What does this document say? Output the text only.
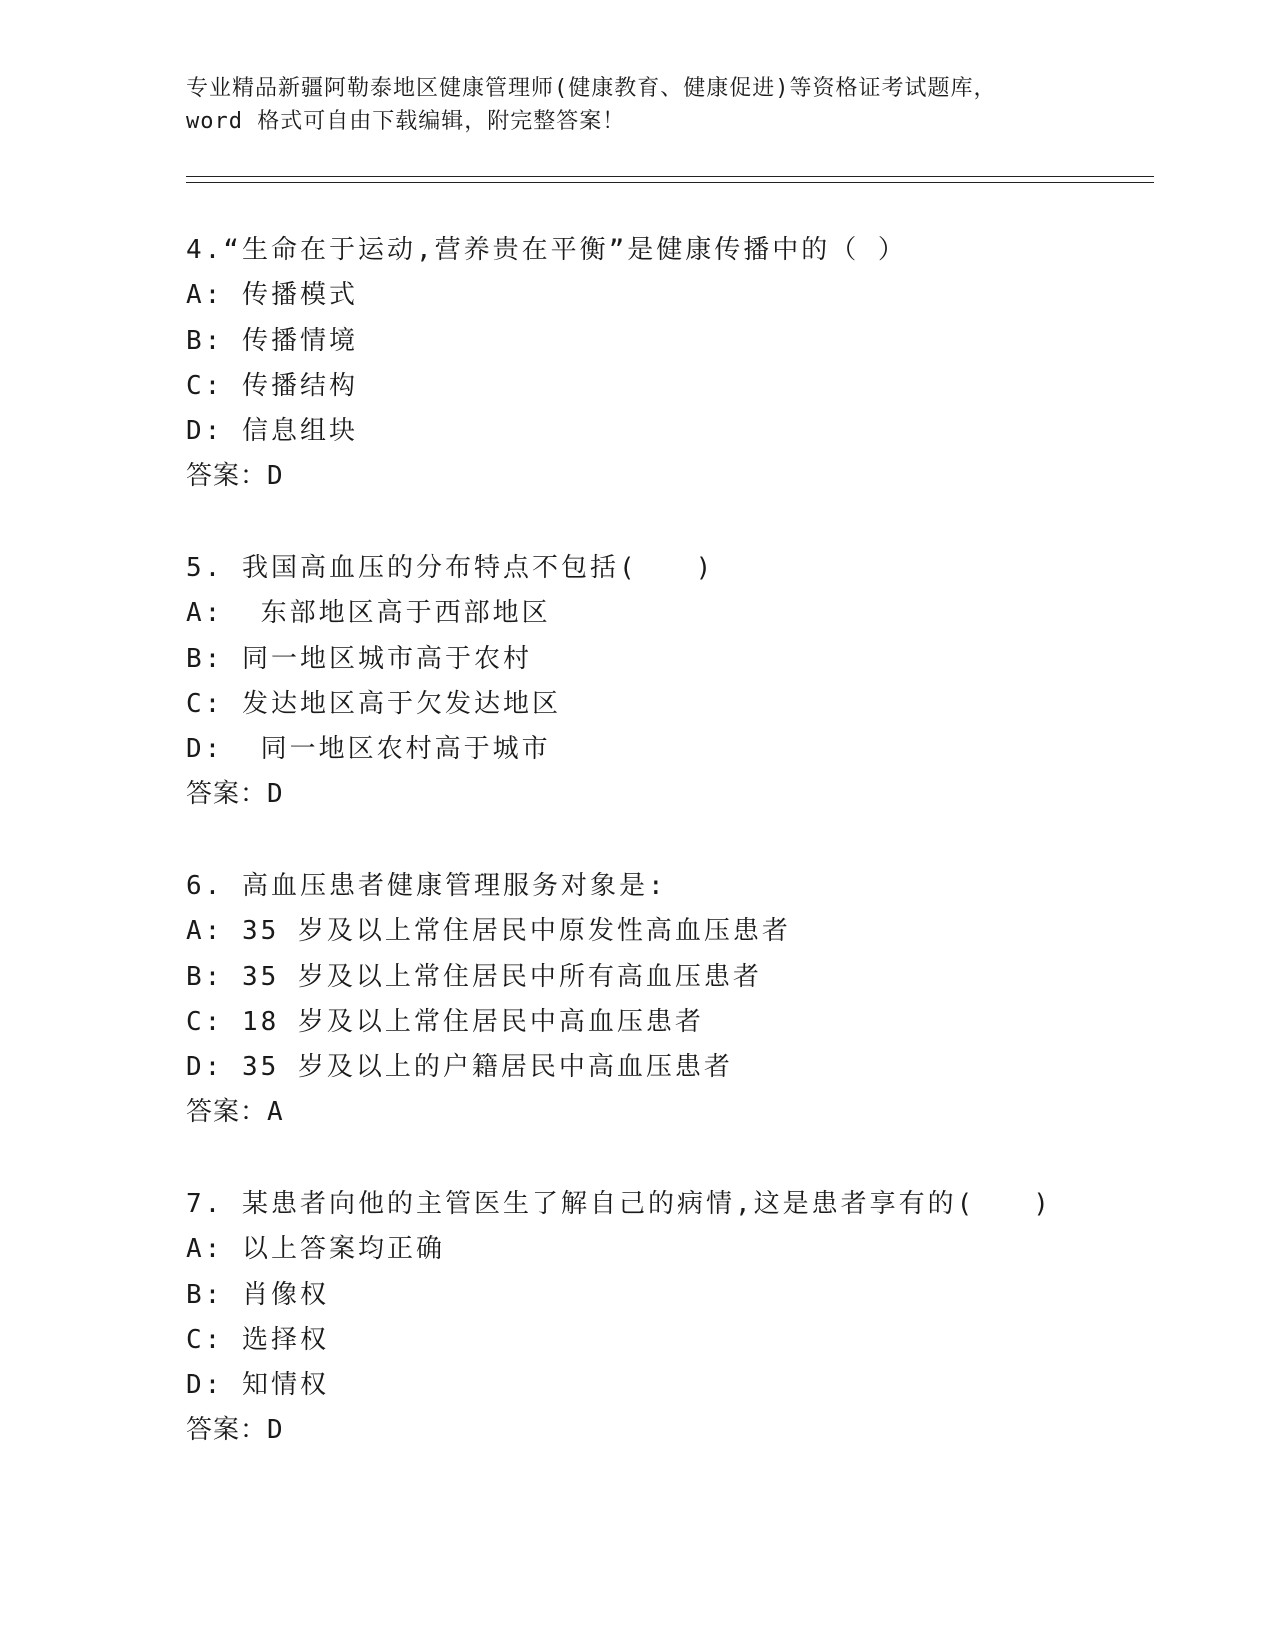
专业精品新疆阿勒泰地区健康管理师(健康教育、健康促进)等资格证考试题库，
word 格式可自由下载编辑，附完整答案！
4.“生命在于运动,营养贵在平衡”是健康传播中的（ ）
A: 传播模式
B: 传播情境
C: 传播结构
D: 信息组块
答案：D
5. 我国高血压的分布特点不包括(　　)
A:  东部地区高于西部地区
B: 同一地区城市高于农村
C: 发达地区高于欠发达地区
D:  同一地区农村高于城市
答案：D
6. 高血压患者健康管理服务对象是:
A: 35 岁及以上常住居民中原发性高血压患者
B: 35 岁及以上常住居民中所有高血压患者
C: 18 岁及以上常住居民中高血压患者
D: 35 岁及以上的户籍居民中高血压患者
答案：A
7. 某患者向他的主管医生了解自己的病情,这是患者享有的(　　)
A: 以上答案均正确
B: 肖像权
C: 选择权
D: 知情权
答案：D
